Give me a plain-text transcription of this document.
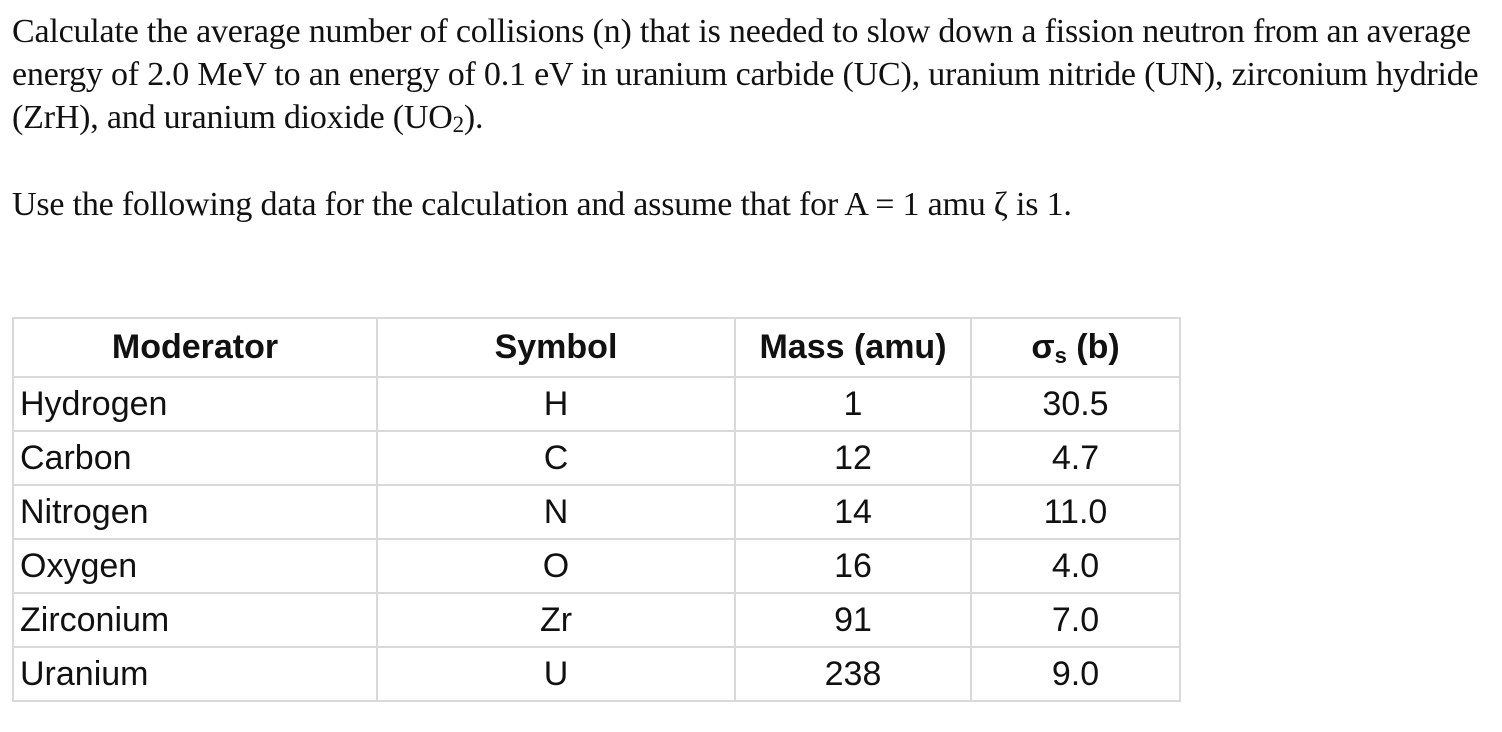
Calculate the average number of collisions (n) that is needed to slow down a fission neutron from an average energy of 2.0 MeV to an energy of 0.1 eV in uranium carbide (UC), uranium nitride (UN), zirconium hydride (ZrH), and uranium dioxide $(UO_2)$.

Use the following data for the calculation and assume that for A = 1 amu ζ is 1.

Moderator	Symbol	Mass (amu)	$\sigma_s$ (b)
Hydrogen	H	1	30.5
Carbon	C	12	4.7
Nitrogen	N	14	11.0
Oxygen	O	16	4.0
Zirconium	Zr	91	7.0
Uranium	U	238	9.0
